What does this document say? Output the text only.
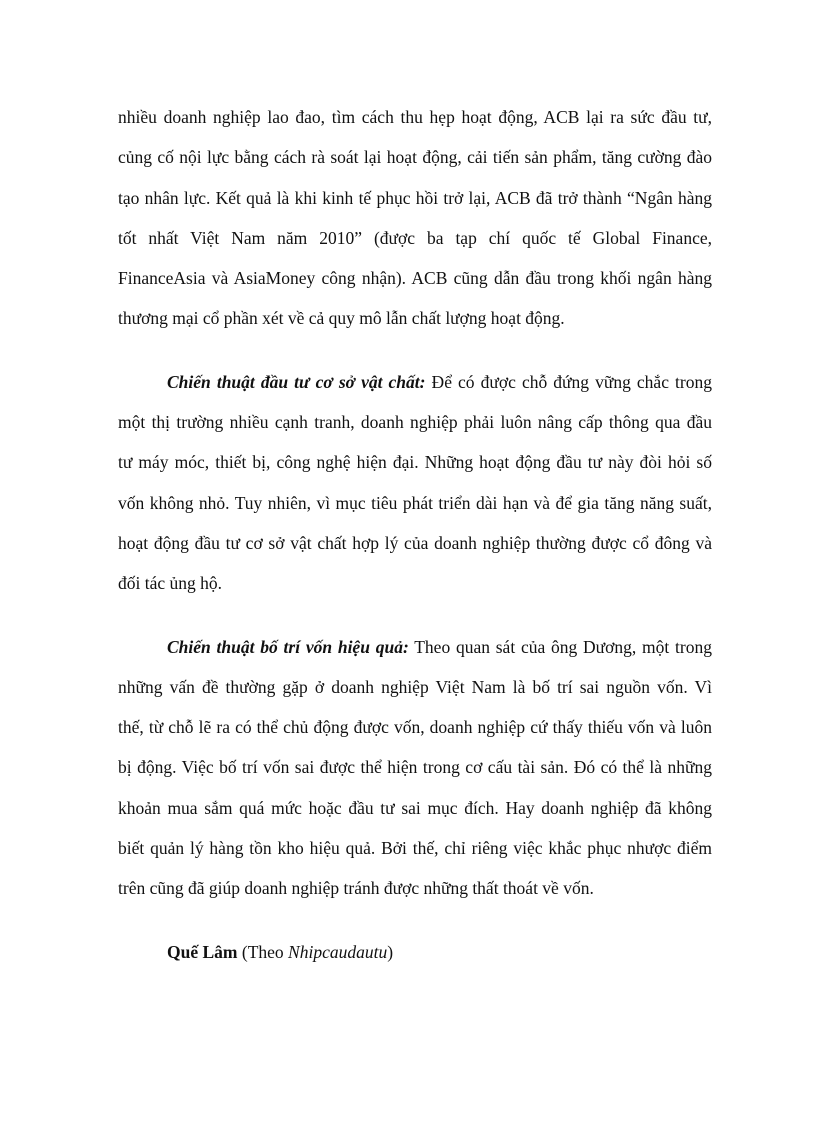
nhiều doanh nghiệp lao đao, tìm cách thu hẹp hoạt động, ACB lại ra sức đầu tư,
củng cố nội lực bằng cách rà soát lại hoạt động, cải tiến sản phẩm, tăng cường đào
tạo nhân lực. Kết quả là khi kinh tế phục hồi trở lại, ACB đã trở thành “Ngân hàng
tốt nhất Việt Nam năm 2010” (được ba tạp chí quốc tế Global Finance,
FinanceAsia và AsiaMoney công nhận). ACB cũng dẫn đầu trong khối ngân hàng
thương mại cổ phần xét về cả quy mô lẫn chất lượng hoạt động.
Chiến thuật đầu tư cơ sở vật chất: Để có được chỗ đứng vững chắc trong
một thị trường nhiều cạnh tranh, doanh nghiệp phải luôn nâng cấp thông qua đầu
tư máy móc, thiết bị, công nghệ hiện đại. Những hoạt động đầu tư này đòi hỏi số
vốn không nhỏ. Tuy nhiên, vì mục tiêu phát triển dài hạn và để gia tăng năng suất,
hoạt động đầu tư cơ sở vật chất hợp lý của doanh nghiệp thường được cổ đông và
đối tác ủng hộ.
Chiến thuật bố trí vốn hiệu quả: Theo quan sát của ông Dương, một trong
những vấn đề thường gặp ở doanh nghiệp Việt Nam là bố trí sai nguồn vốn. Vì
thế, từ chỗ lẽ ra có thể chủ động được vốn, doanh nghiệp cứ thấy thiếu vốn và luôn
bị động. Việc bố trí vốn sai được thể hiện trong cơ cấu tài sản. Đó có thể là những
khoản mua sắm quá mức hoặc đầu tư sai mục đích. Hay doanh nghiệp đã không
biết quản lý hàng tồn kho hiệu quả. Bởi thế, chỉ riêng việc khắc phục nhược điểm
trên cũng đã giúp doanh nghiệp tránh được những thất thoát về vốn.
Quế Lâm (Theo Nhipcaudautu)
